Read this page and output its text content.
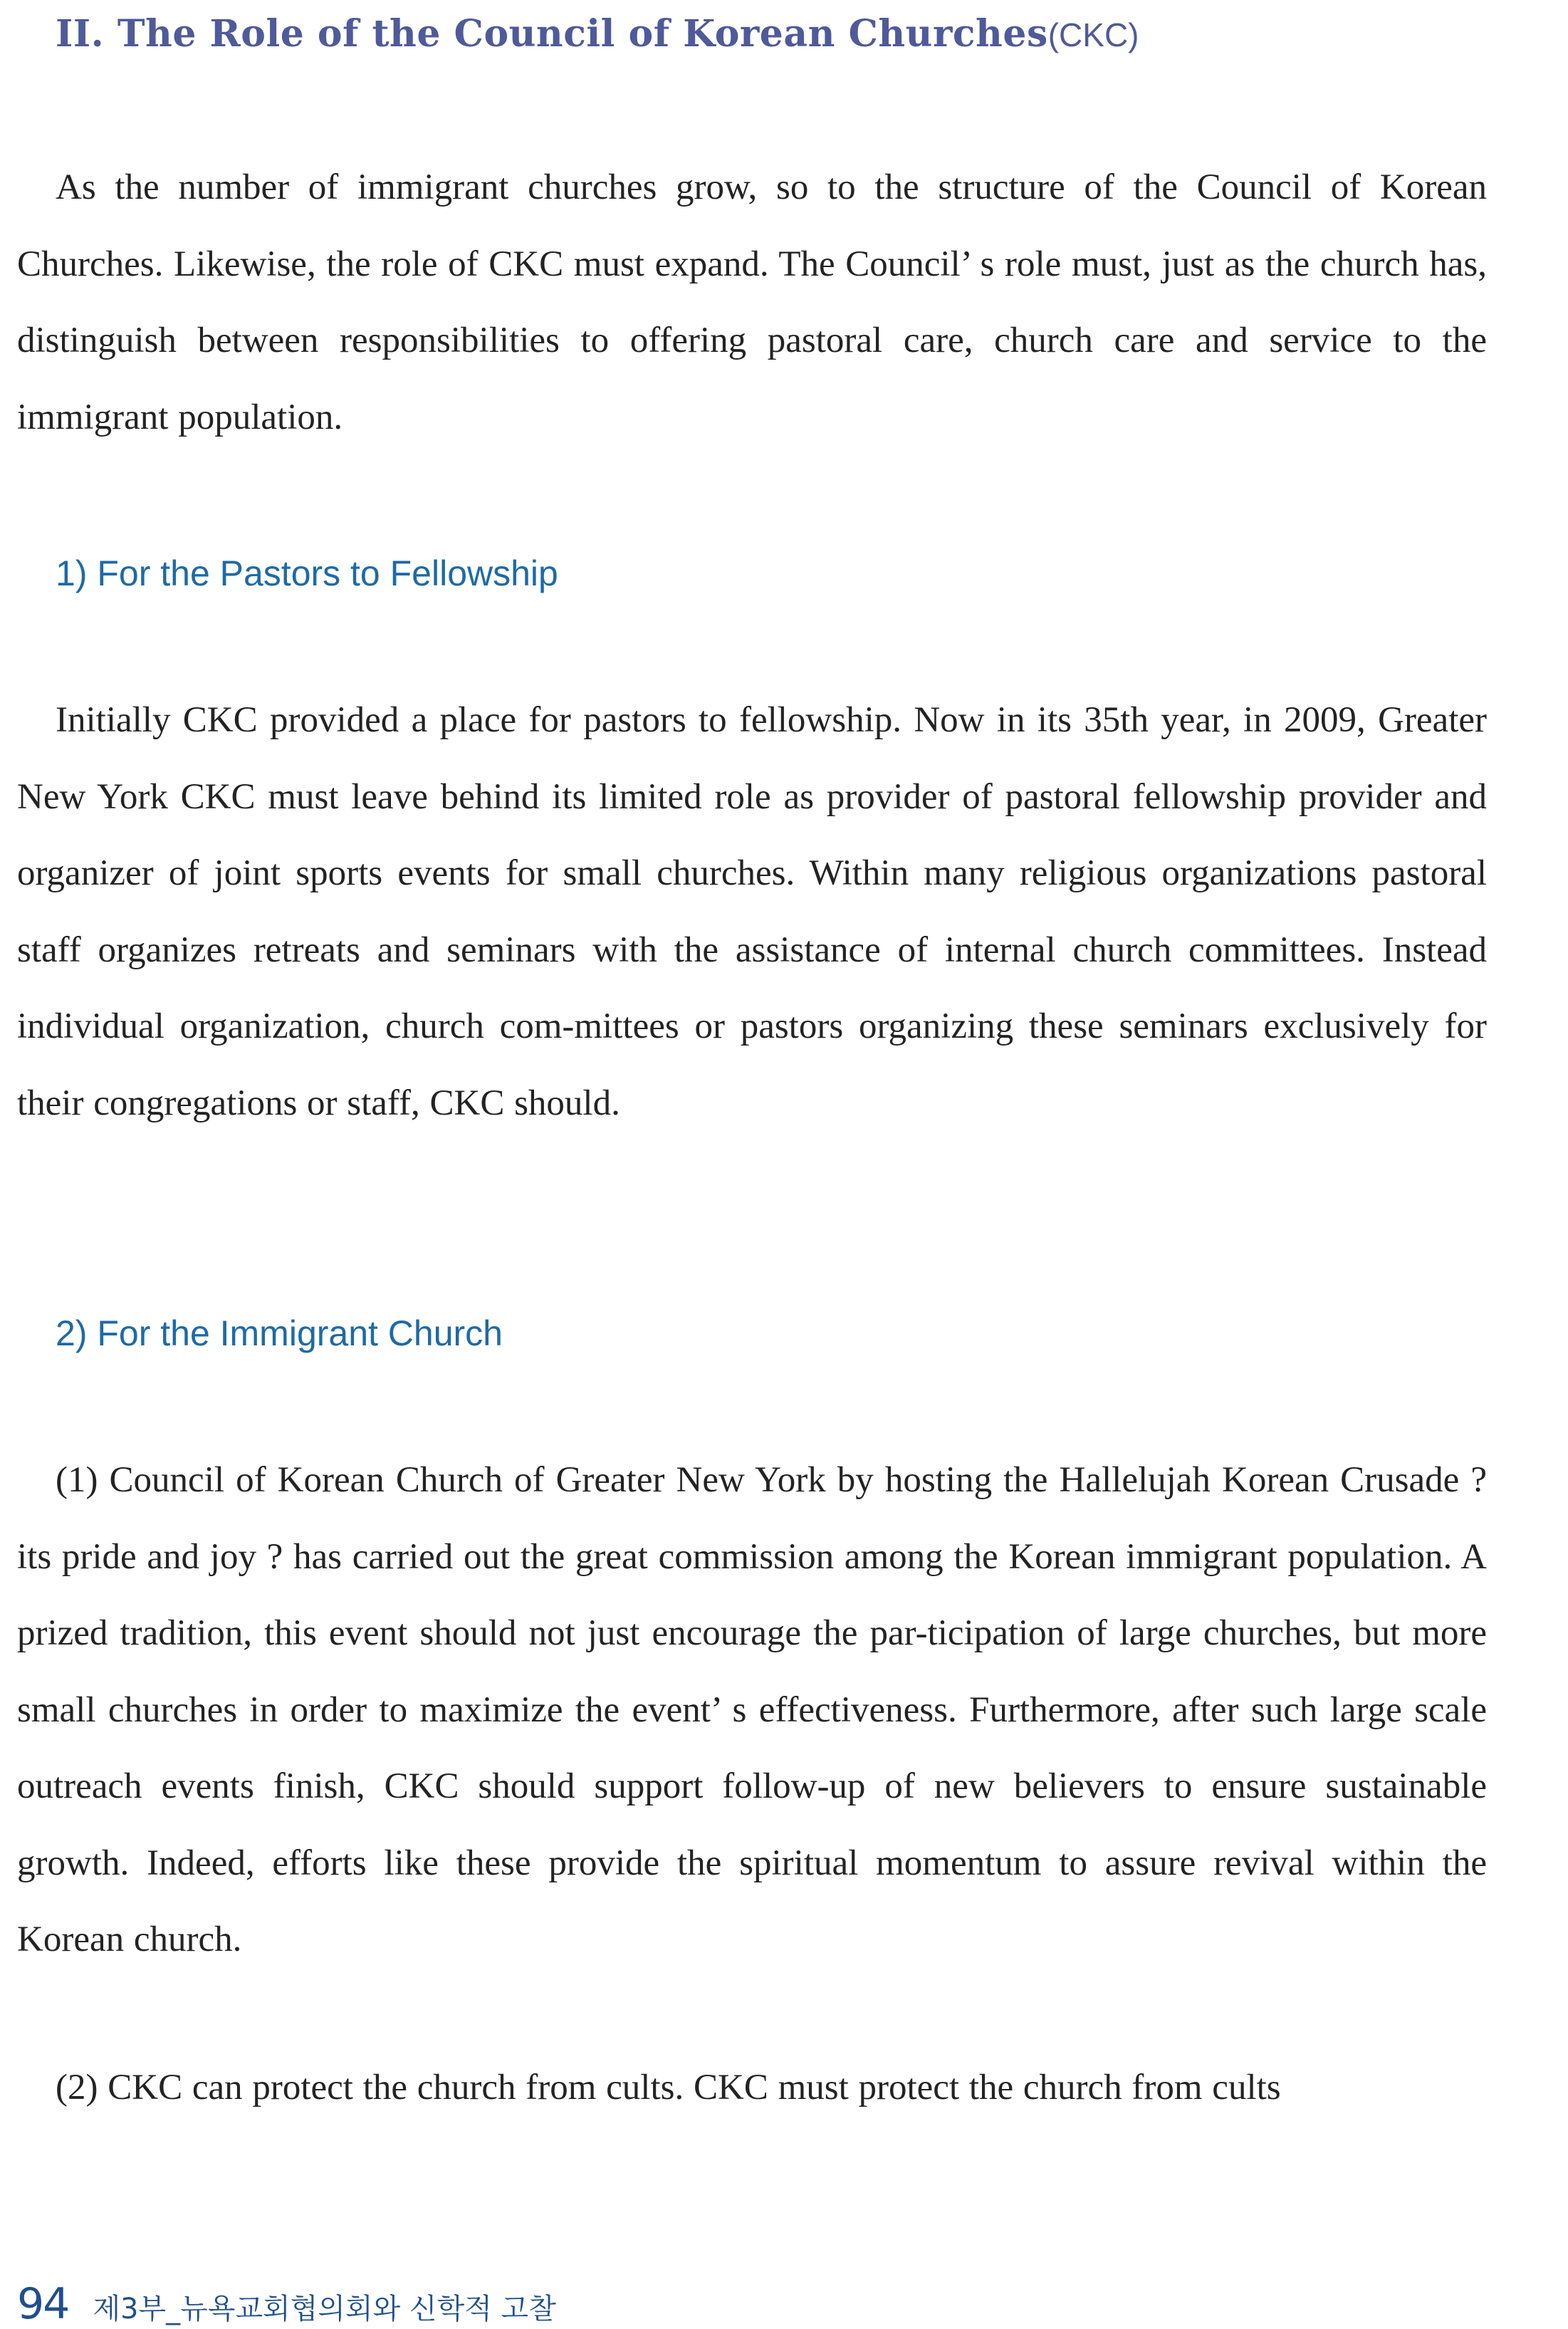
II. The Role of the Council of Korean Churches(CKC)

As the number of immigrant churches grow, so to the structure of the Council of Korean Churches. Likewise, the role of CKC must expand. The Council’ s role must, just as the church has, distinguish between responsibilities to offering pastoral care, church care and service to the immigrant population.

1) For the Pastors to Fellowship

Initially CKC provided a place for pastors to fellowship. Now in its 35th year, in 2009, Greater New York CKC must leave behind its limited role as provider of pastoral fellowship provider and organizer of joint sports events for small churches. Within many religious organizations pastoral staff organizes retreats and seminars with the assistance of internal church committees. Instead individual organization, church com-mittees or pastors organizing these seminars exclusively for their congregations or staff, CKC should.

2) For the Immigrant Church

(1) Council of Korean Church of Greater New York by hosting the Hallelujah Korean Crusade ? its pride and joy ? has carried out the great commission among the Korean immigrant population. A prized tradition, this event should not just encourage the par-ticipation of large churches, but more small churches in order to maximize the event’ s effectiveness. Furthermore, after such large scale outreach events finish, CKC should support follow-up of new believers to ensure sustainable growth. Indeed, efforts like these provide the spiritual momentum to assure revival within the Korean church.

(2) CKC can protect the church from cults. CKC must protect the church from cults

94 제3부_뉴욕교회협의회와 신학적 고찰
